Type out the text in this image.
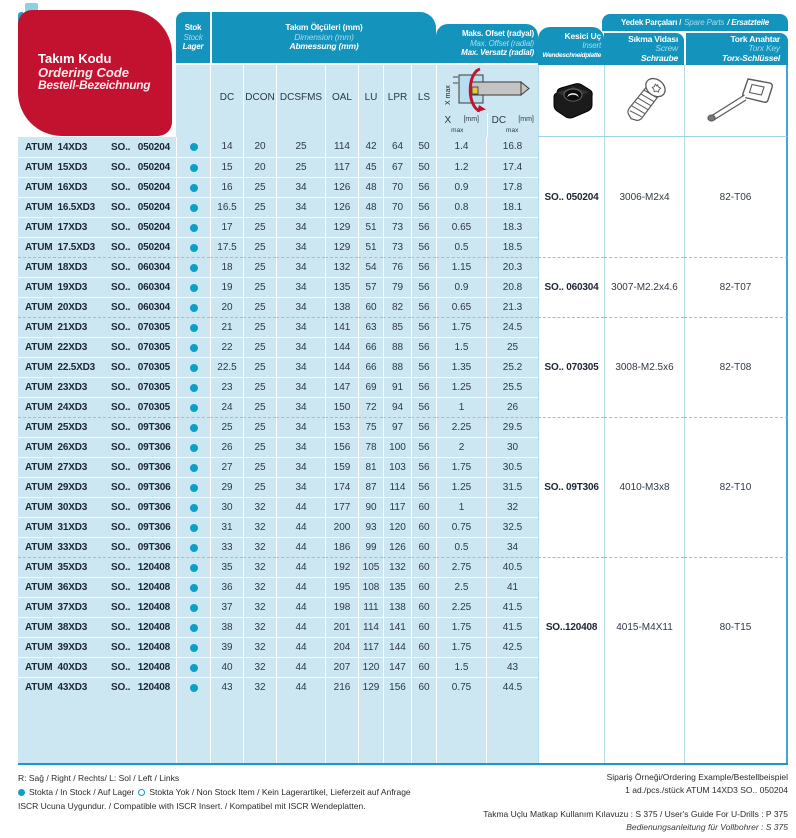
Takım Kodu
Ordering Code
Bestell-Bezeichnung
Stok
Stock
Lager
Takım Ölçüleri (mm)
Dimension (mm)
Abmessung (mm)
Maks. Ofset (radyal)
Max. Offset (radial)
Max. Versatz (radial)
Kesici Uç
Insert
Wendeschneidplatte
Yedek Parçaları / Spare Parts / Ersatzteile
Sıkma Vidası
Screw
Schraube
Tork Anahtar
Torx Key
Torx-Schlüssel
DC	DCON DCSFMS OAL	LU	LPR	LS	X max
X
max
[mm] DC
max
[mm]
ATUM 14XD3	SO.. 050204	14	20	25	114	42	64	50	1.4	16.8
ATUM 15XD3	SO.. 050204	15	20	25	117	45	67	50	1.2	17.4
ATUM 16XD3	SO.. 050204	16	25	34	126	48	70	56	0.9	17.8
ATUM 16.5XD3	SO.. 050204	16.5	25	34	126	48	70	56	0.8	18.1
ATUM 17XD3	SO.. 050204	17	25	34	129	51	73	56	0.65	18.3
ATUM 17.5XD3	SO.. 050204	17.5	25	34	129	51	73	56	0.5	18.5
SO.. 050204	3006-M2x4	82-T06
ATUM 18XD3	SO.. 060304	18	25	34	132	54	76	56	1.15	20.3
ATUM 19XD3	SO.. 060304	19	25	34	135	57	79	56	0.9	20.8
ATUM 20XD3	SO.. 060304	20	25	34	138	60	82	56	0.65	21.3
SO.. 060304	3007-M2.2x4.6	82-T07
ATUM 21XD3	SO.. 070305	21	25	34	141	63	85	56	1.75	24.5
ATUM 22XD3	SO.. 070305	22	25	34	144	66	88	56	1.5	25
ATUM 22.5XD3	SO.. 070305	22.5	25	34	144	66	88	56	1.35	25.2
ATUM 23XD3	SO.. 070305	23	25	34	147	69	91	56	1.25	25.5
ATUM 24XD3	SO.. 070305	24	25	34	150	72	94	56	1	26
SO.. 070305	3008-M2.5x6	82-T08
ATUM 25XD3	SO.. 09T306	25	25	34	153	75	97	56	2.25	29.5
ATUM 26XD3	SO.. 09T306	26	25	34	156	78	100	56	2	30
ATUM 27XD3	SO.. 09T306	27	25	34	159	81	103	56	1.75	30.5
ATUM 29XD3	SO.. 09T306	29	25	34	174	87	114	56	1.25	31.5
ATUM 30XD3	SO.. 09T306	30	32	44	177	90	117	60	1	32
ATUM 31XD3	SO.. 09T306	31	32	44	200	93	120	60	0.75	32.5
ATUM 33XD3	SO.. 09T306	33	32	44	186	99	126	60	0.5	34
SO.. 09T306	4010-M3x8	82-T10
ATUM 35XD3	SO.. 120408	35	32	44	192	105 132	60	2.75	40.5
ATUM 36XD3	SO.. 120408	36	32	44	195	108 135	60	2.5	41
ATUM 37XD3	SO.. 120408	37	32	44	198	111	138	60	2.25	41.5
ATUM 38XD3	SO.. 120408	38	32	44	201	114	141	60	1.75	41.5
ATUM 39XD3	SO.. 120408	39	32	44	204	117	144	60	1.75	42.5
ATUM 40XD3	SO.. 120408	40	32	44	207	120 147	60	1.5	43
ATUM 43XD3	SO.. 120408	43	32	44	216	129 156	60	0.75	44.5
SO..120408	4015-M4X11	80-T15
R: Sağ / Right / Rechts/ L: Sol / Left / Links
Stokta / In Stock / Auf Lager Stokta Yok / Non Stock Item / Kein Lagerartikel, Lieferzeit auf Anfrage
ISCR Ucuna Uygundur. / Compatible with ISCR Insert. / Kompatibel mit ISCR Wendeplatten.
Sipariş Örneği/Ordering Example/Bestellbeispiel
1 ad./pcs./stück ATUM 14XD3 SO.. 050204
Takma Uçlu Matkap Kullanım Kılavuzu : S 375 / User's Guide For U-Drills : P 375
Bedienungsanleitung für Vollbohrer : S 375
